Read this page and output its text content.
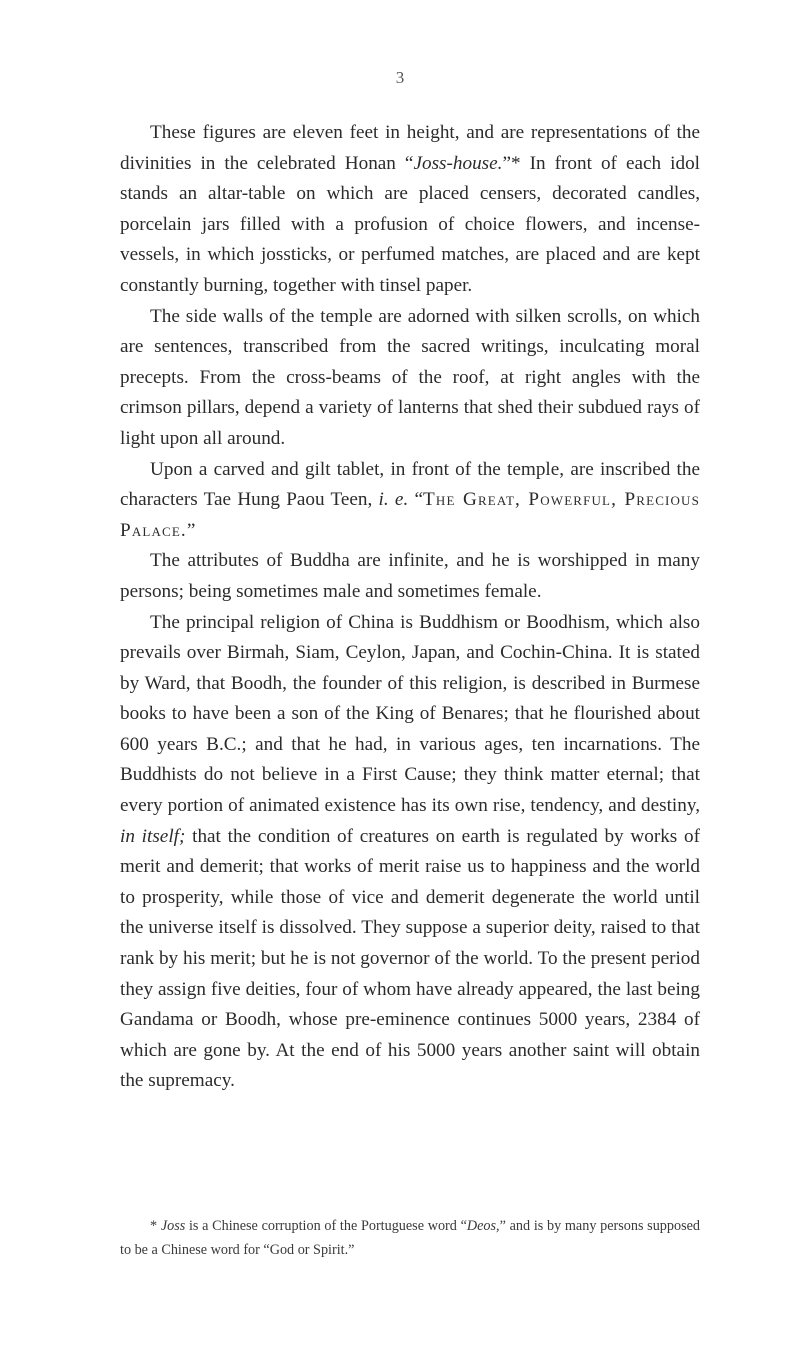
3

These figures are eleven feet in height, and are representations of the divinities in the celebrated Honan “Joss-house.”* In front of each idol stands an altar-table on which are placed censers, decorated candles, porcelain jars filled with a profusion of choice flowers, and incense-vessels, in which jossticks, or perfumed matches, are placed and are kept constantly burning, together with tinsel paper.

The side walls of the temple are adorned with silken scrolls, on which are sentences, transcribed from the sacred writings, inculcating moral precepts. From the cross-beams of the roof, at right angles with the crimson pillars, depend a variety of lanterns that shed their subdued rays of light upon all around.

Upon a carved and gilt tablet, in front of the temple, are inscribed the characters Tae Hung Paou Teen, i. e. “The Great, Powerful, Precious Palace.”

The attributes of Buddha are infinite, and he is worshipped in many persons; being sometimes male and sometimes female.

The principal religion of China is Buddhism or Boodhism, which also prevails over Birmah, Siam, Ceylon, Japan, and Cochin-China. It is stated by Ward, that Boodh, the founder of this religion, is described in Burmese books to have been a son of the King of Benares; that he flourished about 600 years B.C.; and that he had, in various ages, ten incarnations. The Buddhists do not believe in a First Cause; they think matter eternal; that every portion of animated existence has its own rise, tendency, and destiny, in itself; that the condition of creatures on earth is regulated by works of merit and demerit; that works of merit raise us to happiness and the world to prosperity, while those of vice and demerit degenerate the world until the universe itself is dissolved. They suppose a superior deity, raised to that rank by his merit; but he is not governor of the world. To the present period they assign five deities, four of whom have already appeared, the last being Gandama or Boodh, whose pre-eminence continues 5000 years, 2384 of which are gone by. At the end of his 5000 years another saint will obtain the supremacy.

* Joss is a Chinese corruption of the Portuguese word “Deos,” and is by many persons supposed to be a Chinese word for “God or Spirit.”
